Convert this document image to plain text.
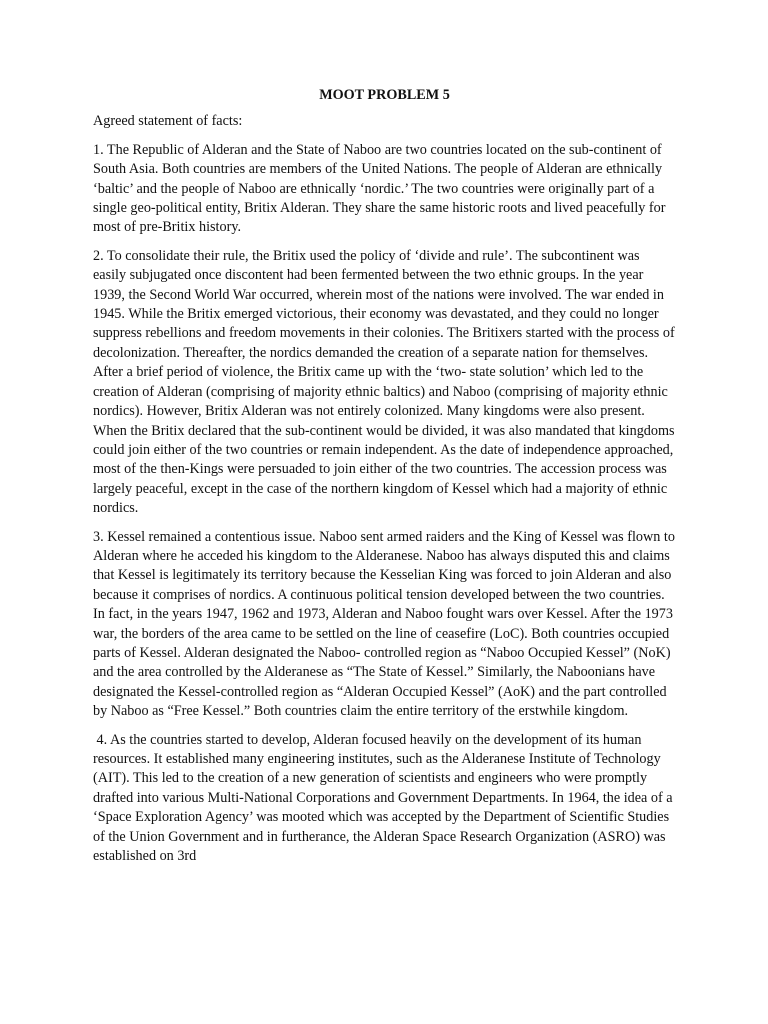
MOOT PROBLEM 5
Agreed statement of facts:
1. The Republic of Alderan and the State of Naboo are two countries located on the sub-continent of South Asia. Both countries are members of the United Nations. The people of Alderan are ethnically ‘baltic’ and the people of Naboo are ethnically ‘nordic.’ The two countries were originally part of a single geo-political entity, Britix Alderan. They share the same historic roots and lived peacefully for most of pre-Britix history.
2. To consolidate their rule, the Britix used the policy of ‘divide and rule’. The subcontinent was easily subjugated once discontent had been fermented between the two ethnic groups. In the year 1939, the Second World War occurred, wherein most of the nations were involved. The war ended in 1945. While the Britix emerged victorious, their economy was devastated, and they could no longer suppress rebellions and freedom movements in their colonies. The Britixers started with the process of decolonization. Thereafter, the nordics demanded the creation of a separate nation for themselves. After a brief period of violence, the Britix came up with the ‘two- state solution’ which led to the creation of Alderan (comprising of majority ethnic baltics) and Naboo (comprising of majority ethnic nordics). However, Britix Alderan was not entirely colonized. Many kingdoms were also present. When the Britix declared that the sub-continent would be divided, it was also mandated that kingdoms could join either of the two countries or remain independent. As the date of independence approached, most of the then-Kings were persuaded to join either of the two countries. The accession process was largely peaceful, except in the case of the northern kingdom of Kessel which had a majority of ethnic nordics.
3. Kessel remained a contentious issue. Naboo sent armed raiders and the King of Kessel was flown to Alderan where he acceded his kingdom to the Alderanese. Naboo has always disputed this and claims that Kessel is legitimately its territory because the Kesselian King was forced to join Alderan and also because it comprises of nordics. A continuous political tension developed between the two countries. In fact, in the years 1947, 1962 and 1973, Alderan and Naboo fought wars over Kessel. After the 1973 war, the borders of the area came to be settled on the line of ceasefire (LoC). Both countries occupied parts of Kessel. Alderan designated the Naboo- controlled region as “Naboo Occupied Kessel” (NoK) and the area controlled by the Alderanese as “The State of Kessel.” Similarly, the Naboonians have designated the Kessel-controlled region as “Alderan Occupied Kessel” (AoK) and the part controlled by Naboo as “Free Kessel.” Both countries claim the entire territory of the erstwhile kingdom.
4. As the countries started to develop, Alderan focused heavily on the development of its human resources. It established many engineering institutes, such as the Alderanese Institute of Technology (AIT). This led to the creation of a new generation of scientists and engineers who were promptly drafted into various Multi-National Corporations and Government Departments. In 1964, the idea of a ‘Space Exploration Agency’ was mooted which was accepted by the Department of Scientific Studies of the Union Government and in furtherance, the Alderan Space Research Organization (ASRO) was established on 3rd
